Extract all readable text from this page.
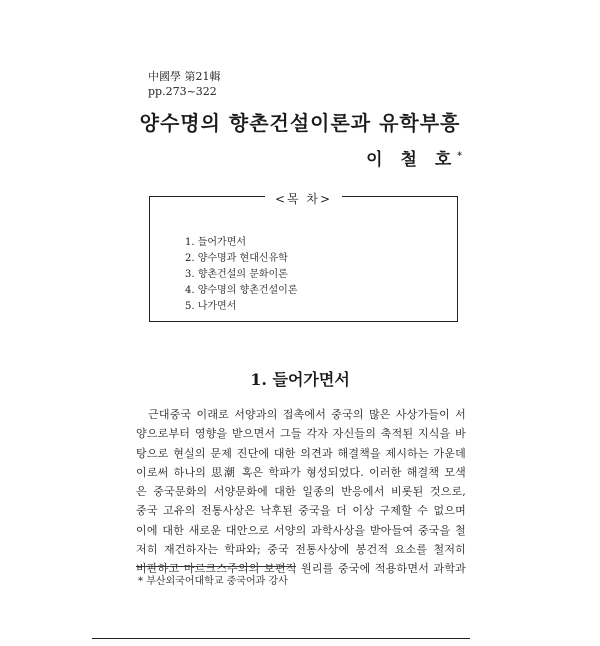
中國學 第21輯
pp.273~322
양수명의 향촌건설이론과 유학부흥
이 철 호*
<목 차>
1. 들어가면서
2. 양수명과 현대신유학
3. 향촌건설의 문화이론
4. 양수명의 향촌건설이론
5. 나가면서
1. 들어가면서

근대중국 이래로 서양과의 접촉에서 중국의 많은 사상가들이 서
양으로부터 영향을 받으면서 그들 각자 자신들의 축적된 지식을 바
탕으로 현실의 문제 진단에 대한 의견과 해결책을 제시하는 가운데
이로써 하나의 思潮 혹은 학파가 형성되었다. 이러한 해결책 모색
은 중국문화의 서양문화에 대한 일종의 반응에서 비롯된 것으로,
중국 고유의 전통사상은 낙후된 중국을 더 이상 구제할 수 없으며
이에 대한 새로운 대안으로 서양의 과학사상을 받아들여 중국을 철
저히 재건하자는 학파와; 중국 전통사상에 봉건적 요소를 철저히
비판하고 마르크스주의의 보편적 원리를 중국에 적용하면서 과학과

* 부산외국어대학교 중국어과 강사
